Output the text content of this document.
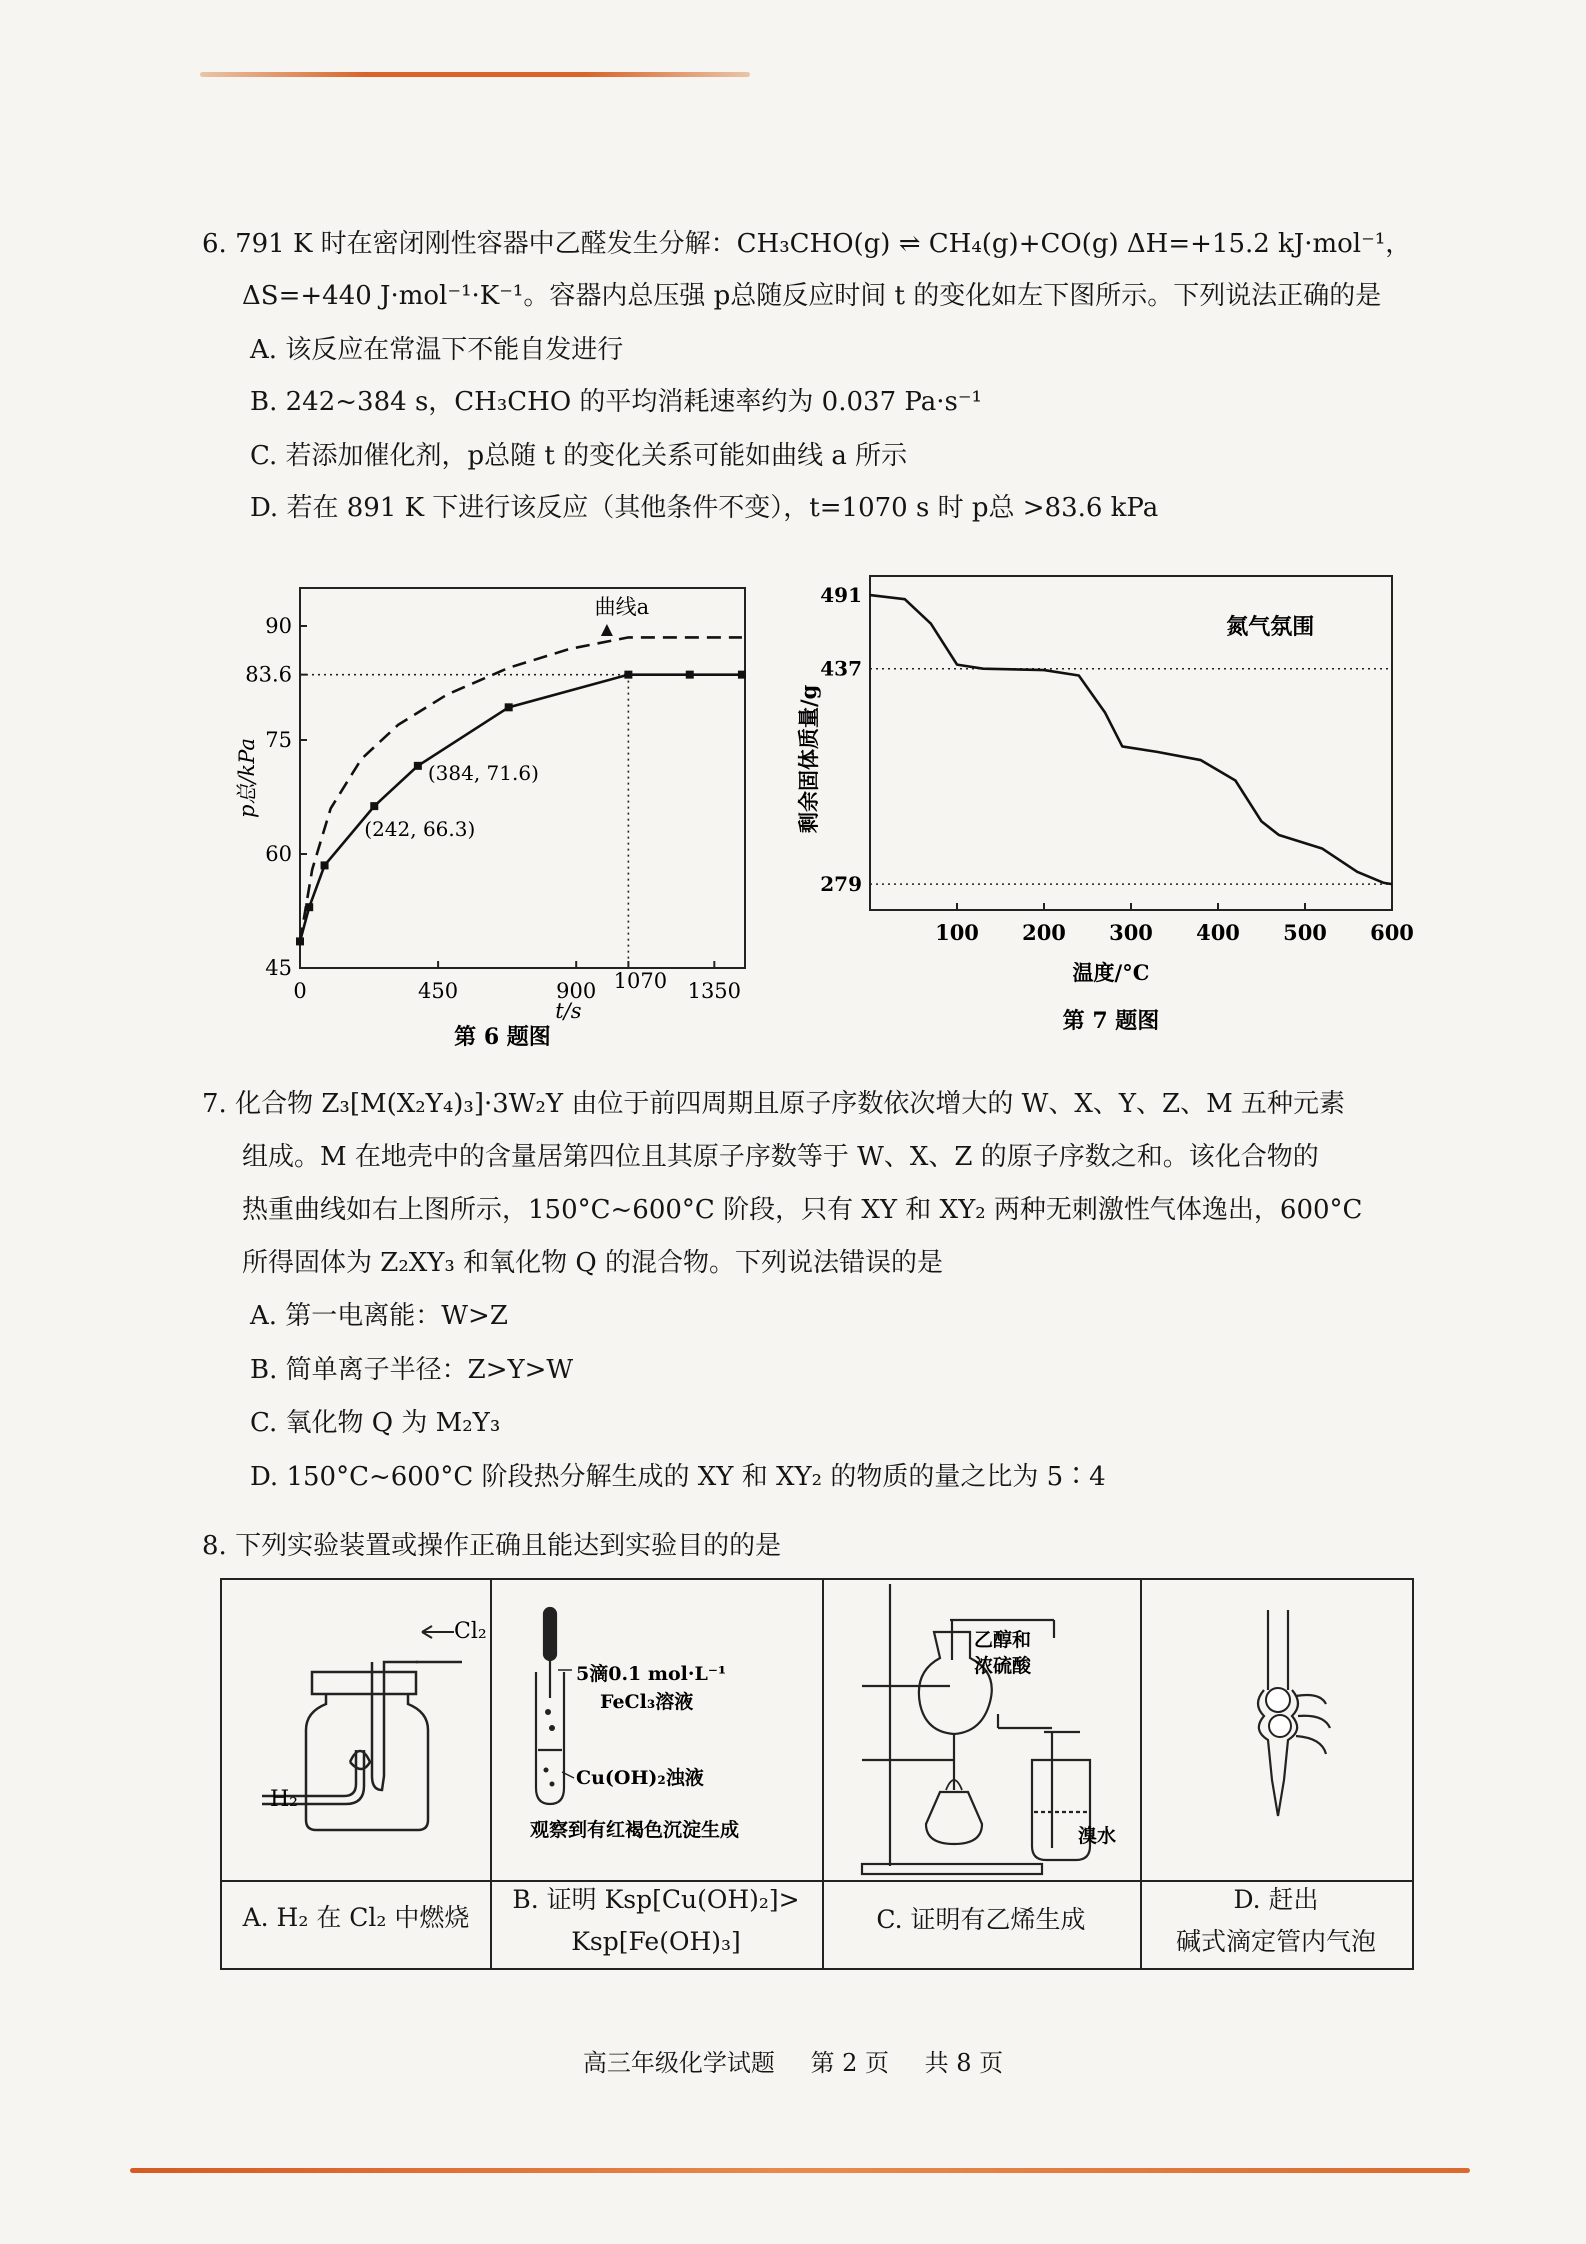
6. 791 K 时在密闭刚性容器中乙醛发生分解：CH₃CHO(g) ⇌ CH₄(g)+CO(g) ΔH=+15.2 kJ·mol⁻¹，
ΔS=+440 J·mol⁻¹·K⁻¹。容器内总压强 p总随反应时间 t 的变化如左下图所示。下列说法正确的是
A. 该反应在常温下不能自发进行
B. 242~384 s，CH₃CHO 的平均消耗速率约为 0.037 Pa·s⁻¹
C. 若添加催化剂，p总随 t 的变化关系可能如曲线 a 所示
D. 若在 891 K 下进行该反应（其他条件不变），t=1070 s 时 p总 >83.6 kPa
45
60
75
83.6
90
0	450	900 1070 1350
(384, 71.6)
(242, 66.3)
曲线a
p总/kPa
t/s
第 6 题图
491
437
279
100 200 300 400 500 600
氮气氛围
剩余固体质量/g
温度/°C
第 7 题图
7. 化合物 Z₃[M(X₂Y₄)₃]·3W₂Y 由位于前四周期且原子序数依次增大的 W、X、Y、Z、M 五种元素
组成。M 在地壳中的含量居第四位且其原子序数等于 W、X、Z 的原子序数之和。该化合物的
热重曲线如右上图所示，150°C~600°C 阶段，只有 XY 和 XY₂ 两种无刺激性气体逸出，600°C
所得固体为 Z₂XY₃ 和氧化物 Q 的混合物。下列说法错误的是
A. 第一电离能：W>Z
B. 简单离子半径：Z>Y>W
C. 氧化物 Q 为 M₂Y₃
D. 150°C~600°C 阶段热分解生成的 XY 和 XY₂ 的物质的量之比为 5∶4
8. 下列实验装置或操作正确且能达到实验目的的是
Cl₂
H₂
5滴0.1 mol·L⁻¹
FeCl₃溶液
Cu(OH)₂浊液
观察到有红褐色沉淀生成
乙醇和
浓硫酸
溴水
A. H₂ 在 Cl₂ 中燃烧
B. 证明 Ksp[Cu(OH)₂]>
Ksp[Fe(OH)₃]
C. 证明有乙烯生成
D. 赶出
碱式滴定管内气泡
高三年级化学试题 第 2 页 共 8 页
